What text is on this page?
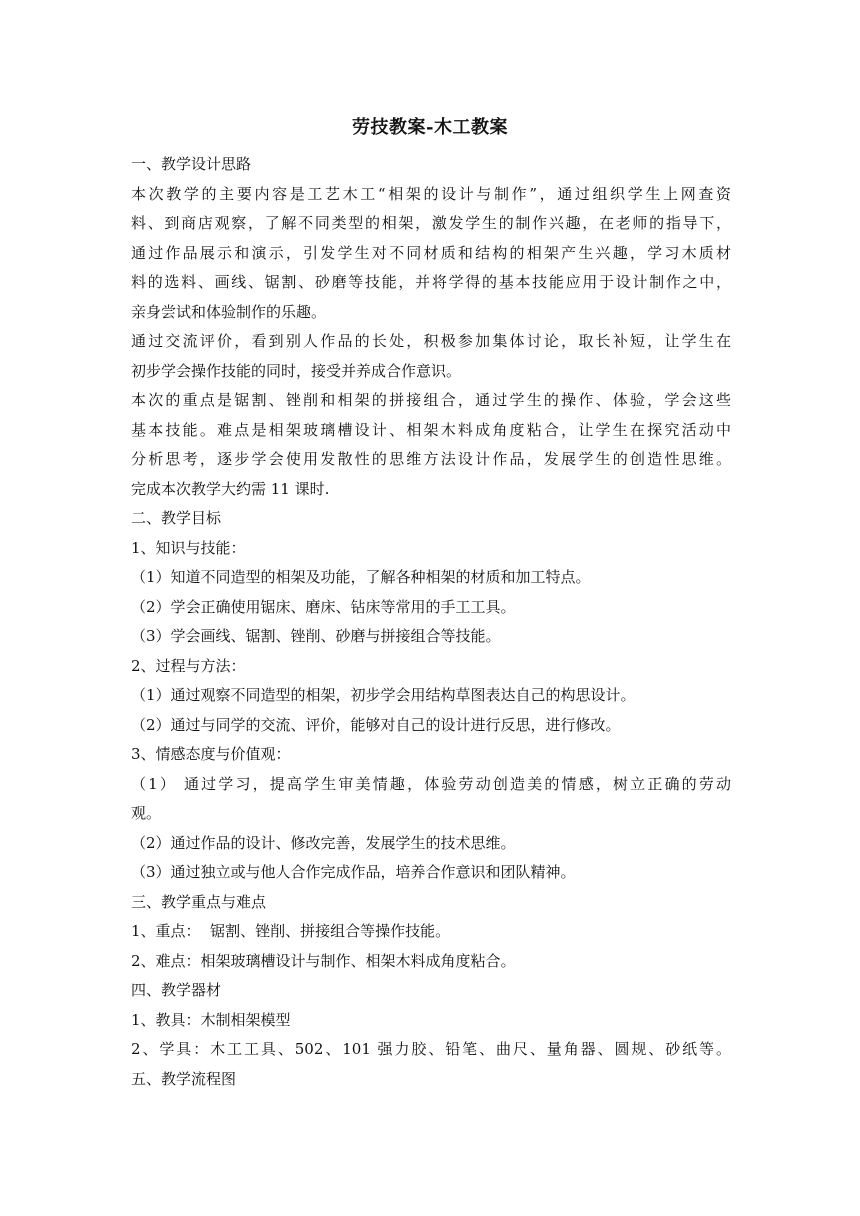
劳技教案-木工教案
一、教学设计思路
本次教学的主要内容是工艺木工“相架的设计与制作”，通过组织学生上网查资
料、到商店观察，了解不同类型的相架，激发学生的制作兴趣，在老师的指导下，
通过作品展示和演示，引发学生对不同材质和结构的相架产生兴趣，学习木质材
料的选料、画线、锯割、砂磨等技能，并将学得的基本技能应用于设计制作之中，
亲身尝试和体验制作的乐趣。
通过交流评价，看到别人作品的长处，积极参加集体讨论，取长补短，让学生在
初步学会操作技能的同时，接受并养成合作意识。
本次的重点是锯割、锉削和相架的拼接组合，通过学生的操作、体验，学会这些
基本技能。难点是相架玻璃槽设计、相架木料成角度粘合，让学生在探究活动中
分析思考，逐步学会使用发散性的思维方法设计作品，发展学生的创造性思维。
完成本次教学大约需 11 课时.
二、教学目标
1、知识与技能：
（1）知道不同造型的相架及功能，了解各种相架的材质和加工特点。
（2）学会正确使用锯床、磨床、钻床等常用的手工工具。
（3）学会画线、锯割、锉削、砂磨与拼接组合等技能。
2、过程与方法：
（1）通过观察不同造型的相架，初步学会用结构草图表达自己的构思设计。
（2）通过与同学的交流、评价，能够对自己的设计进行反思，进行修改。
3、情感态度与价值观：
（1） 通过学习，提高学生审美情趣，体验劳动创造美的情感，树立正确的劳动
观。
（2）通过作品的设计、修改完善，发展学生的技术思维。
（3）通过独立或与他人合作完成作品，培养合作意识和团队精神。
三、教学重点与难点
1、重点：  锯割、锉削、拼接组合等操作技能。
2、难点：相架玻璃槽设计与制作、相架木料成角度粘合。
四、教学器材
1、教具：木制相架模型
2、学具：木工工具、502、101 强力胶、铅笔、曲尺、量角器、圆规、砂纸等。
五、教学流程图
